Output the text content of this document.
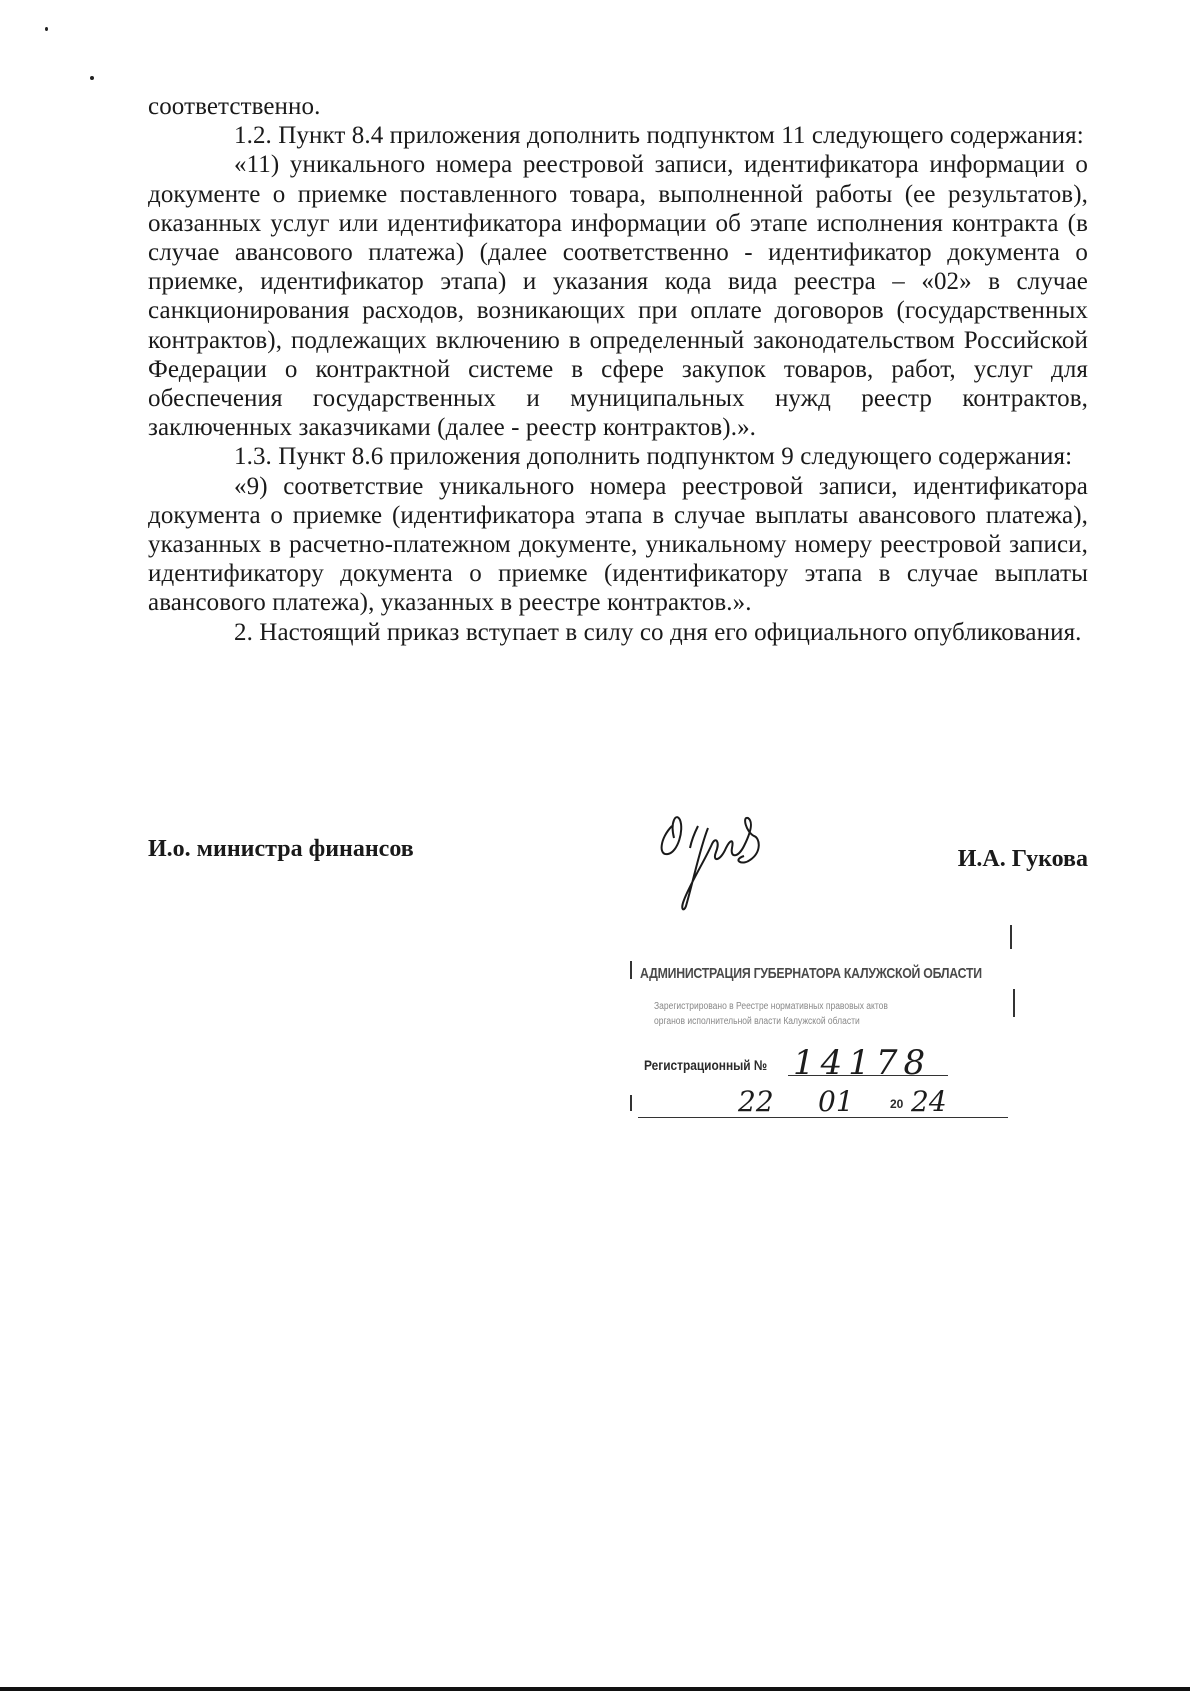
соответственно.

1.2. Пункт 8.4 приложения дополнить подпунктом 11 следующего содержания:

«11) уникального номера реестровой записи, идентификатора информации о документе о приемке поставленного товара, выполненной работы (ее результатов), оказанных услуг или идентификатора информации об этапе исполнения контракта (в случае авансового платежа) (далее соответственно - идентификатор документа о приемке, идентификатор этапа) и указания кода вида реестра – «02» в случае санкционирования расходов, возникающих при оплате договоров (государственных контрактов), подлежащих включению в определенный законодательством Российской Федерации о контрактной системе в сфере закупок товаров, работ, услуг для обеспечения государственных и муниципальных нужд реестр контрактов, заключенных заказчиками (далее - реестр контрактов).».

1.3. Пункт 8.6 приложения дополнить подпунктом 9 следующего содержания:

«9) соответствие уникального номера реестровой записи, идентификатора документа о приемке (идентификатора этапа в случае выплаты авансового платежа), указанных в расчетно-платежном документе, уникальному номеру реестровой записи, идентификатору документа о приемке (идентификатору этапа в случае выплаты авансового платежа), указанных в реестре контрактов.».

2. Настоящий приказ вступает в силу со дня его официального опубликования.

И.о. министра финансов	И.А. Гукова
АДМИНИСТРАЦИЯ ГУБЕРНАТОРА КАЛУЖСКОЙ ОБЛАСТИ
Зарегистрировано в Реестре нормативных правовых актов
органов исполнительной власти Калужской области
Регистрационный № 14178
22 01	20 24
